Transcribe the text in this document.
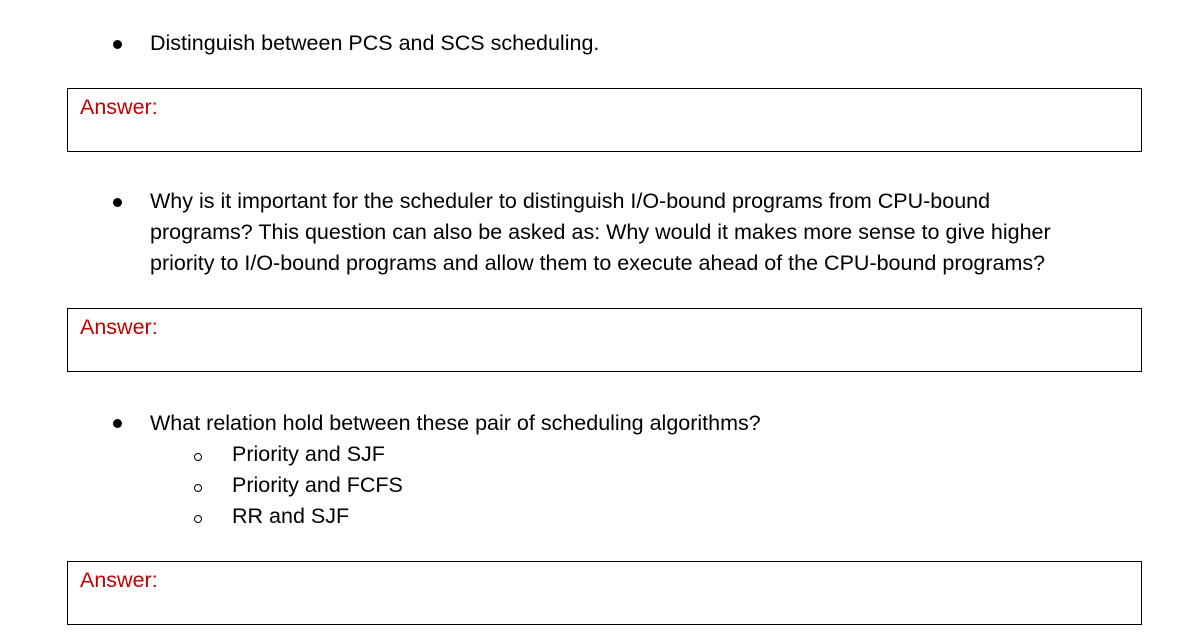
Distinguish between PCS and SCS scheduling.
Answer:
Why is it important for the scheduler to distinguish I/O-bound programs from CPU-bound
programs? This question can also be asked as: Why would it makes more sense to give higher
priority to I/O-bound programs and allow them to execute ahead of the CPU-bound programs?
Answer:
What relation hold between these pair of scheduling algorithms?
Priority and SJF
Priority and FCFS
RR and SJF
Answer:
